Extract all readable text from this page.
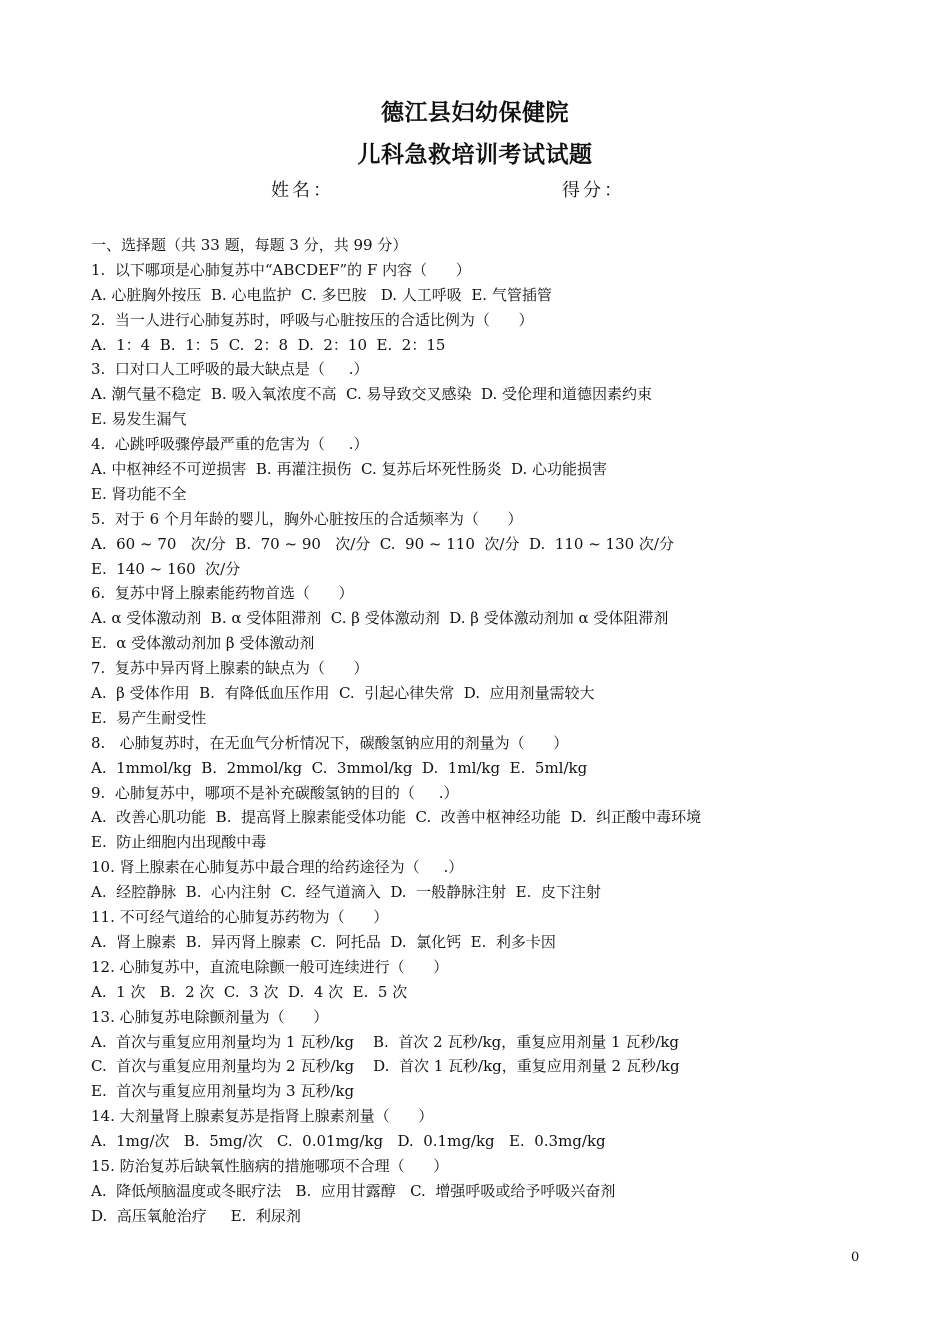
德江县妇幼保健院
儿科急救培训考试试题
姓名：	得分：
一、选择题（共 33 题，每题 3 分，共 99 分）
1.  以下哪项是心肺复苏中“ABCDEF”的 F 内容（      ）
A. 心脏胸外按压  B. 心电监护  C. 多巴胺   D. 人工呼吸  E. 气管插管
2.  当一人进行心肺复苏时，呼吸与心脏按压的合适比例为（      ）
A.  1：4  B.  1：5  C.  2：8  D.  2：10  E.  2：15
3.  口对口人工呼吸的最大缺点是（     .）
A. 潮气量不稳定  B. 吸入氧浓度不高  C. 易导致交叉感染  D. 受伦理和道德因素约束
E. 易发生漏气
4.  心跳呼吸骤停最严重的危害为（     .）
A. 中枢神经不可逆损害  B. 再灌注损伤  C. 复苏后坏死性肠炎  D. 心功能损害
E. 肾功能不全
5.  对于 6 个月年龄的婴儿，胸外心脏按压的合适频率为（      ）
A.  60 ~ 70   次/分  B.  70 ~ 90   次/分  C.  90 ~ 110  次/分  D.  110 ~ 130 次/分
E.  140 ~ 160  次/分
6.  复苏中肾上腺素能药物首选（      ）
A. α 受体激动剂  B. α 受体阻滞剂  C. β 受体激动剂  D. β 受体激动剂加 α 受体阻滞剂
E.  α 受体激动剂加 β 受体激动剂
7.  复苏中异丙肾上腺素的缺点为（      ）
A.  β 受体作用  B.  有降低血压作用  C.  引起心律失常  D.  应用剂量需较大
E.  易产生耐受性
8.   心肺复苏时，在无血气分析情况下，碳酸氢钠应用的剂量为（      ）
A.  1mmol/kg  B.  2mmol/kg  C.  3mmol/kg  D.  1ml/kg  E.  5ml/kg
9.  心肺复苏中，哪项不是补充碳酸氢钠的目的（     .）
A.  改善心肌功能  B.  提高肾上腺素能受体功能  C.  改善中枢神经功能  D.  纠正酸中毒环境
E.  防止细胞内出现酸中毒
10. 肾上腺素在心肺复苏中最合理的给药途径为（     .）
A.  经腔静脉  B.  心内注射  C.  经气道滴入  D.  一般静脉注射  E.  皮下注射
11. 不可经气道给的心肺复苏药物为（      ）
A.  肾上腺素  B.  异丙肾上腺素  C.  阿托品  D.  氯化钙  E.  利多卡因
12. 心肺复苏中，直流电除颤一般可连续进行（      ）
A.  1 次   B.  2 次  C.  3 次  D.  4 次  E.  5 次
13. 心肺复苏电除颤剂量为（      ）
A.  首次与重复应用剂量均为 1 瓦秒/kg    B.  首次 2 瓦秒/kg，重复应用剂量 1 瓦秒/kg
C.  首次与重复应用剂量均为 2 瓦秒/kg    D.  首次 1 瓦秒/kg，重复应用剂量 2 瓦秒/kg
E.  首次与重复应用剂量均为 3 瓦秒/kg
14. 大剂量肾上腺素复苏是指肾上腺素剂量（      ）
A.  1mg/次   B.  5mg/次   C.  0.01mg/kg   D.  0.1mg/kg   E.  0.3mg/kg
15. 防治复苏后缺氧性脑病的措施哪项不合理（      ）
A.  降低颅脑温度或冬眠疗法   B.  应用甘露醇   C.  增强呼吸或给予呼吸兴奋剂
D.  高压氧舱治疗     E.  利尿剂
0
